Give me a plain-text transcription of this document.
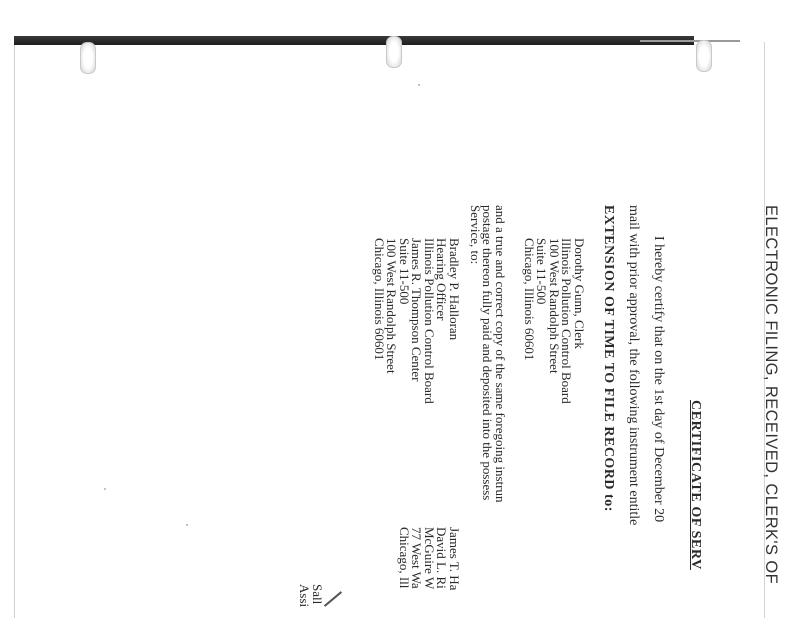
ELECTRONIC FILING, RECEIVED, CLERK'S OF
CERTIFICATE OF SERV
I hereby certify that on the 1st day of December 20
mail with prior approval, the following instrument entitle
EXTENSION OF TIME TO FILE RECORD to:
Dorothy Gunn, Clerk
Illinois Pollution Control Board
100 West Randolph Street
Suite 11-500
Chicago, Illinois 60601
and a true and correct copy of the same foregoing instrun
postage thereon fully paid and deposited into the possess
Service, to:
Bradley P. Halloran
Hearing Officer
Illinois Pollution Control Board
James R. Thompson Center
Suite 11-500
100 West Randolph Street
Chicago, Illinois 60601
James T. Ha
David L. Ri
McGuire W
77 West Wa
Chicago, Ill
Sall
Assi
